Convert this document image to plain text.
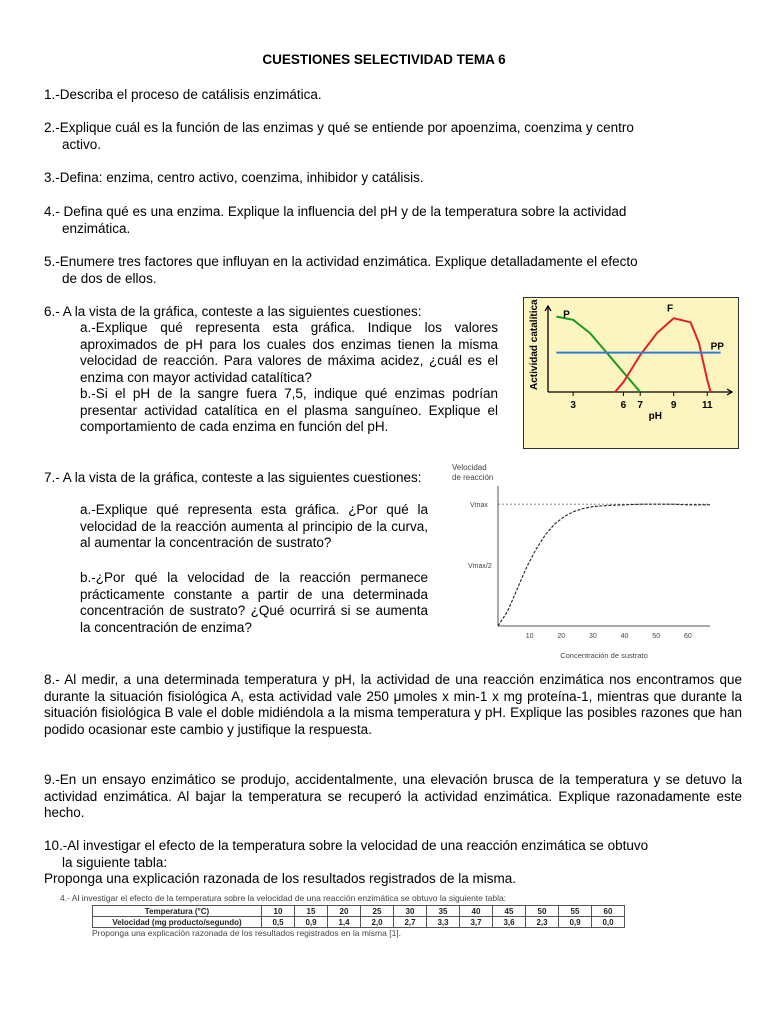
CUESTIONES SELECTIVIDAD TEMA 6
1.-Describa el proceso de catálisis enzimática.
2.-Explique cuál es la función de las enzimas y qué se entiende por apoenzima, coenzima y centro
activo.
3.-Defina: enzima, centro activo, coenzima, inhibidor y catálisis.
4.- Defina qué es una enzima. Explique la influencia del pH y de la temperatura sobre la actividad
enzimática.
5.-Enumere tres factores que influyan en la actividad enzimática. Explique detalladamente el efecto
de dos de ellos.
6.- A la vista de la gráfica, conteste a las siguientes cuestiones:
a.-Explique qué representa esta gráfica. Indique los valores aproximados de pH para los cuales dos enzimas tienen la misma velocidad de reacción. Para valores de máxima acidez, ¿cuál es el enzima con mayor actividad catalítica?
b.-Si el pH de la sangre fuera 7,5, indique qué enzimas podrían presentar actividad catalítica en el plasma sanguíneo. Explique el comportamiento de cada enzima en función del pH.
3	6 7	9	11
pH
Actividad catalítica P
F
PP
7.- A la vista de la gráfica, conteste a las siguientes cuestiones:
a.-Explique qué representa esta gráfica. ¿Por qué la velocidad de la reacción aumenta al principio de la curva, al aumentar la concentración de sustrato?
b.-¿Por qué la velocidad de la reacción permanece prácticamente constante a partir de una determinada concentración de sustrato? ¿Qué ocurrirá si se aumenta la concentración de enzima?
Velocidad
de reacción
Vmax
Vmax/2
10	20	30	40	50	60
Concentración de sustrato
8.- Al medir, a una determinada temperatura y pH, la actividad de una reacción enzimática nos encontramos que durante la situación fisiológica A, esta actividad vale 250 μmoles x min-1 x mg proteína-1, mientras que durante la situación fisiológica B vale el doble midiéndola a la misma temperatura y pH. Explique las posibles razones que han podido ocasionar este cambio y justifique la respuesta.
9.-En un ensayo enzimático se produjo, accidentalmente, una elevación brusca de la temperatura y se detuvo la actividad enzimática. Al bajar la temperatura se recuperó la actividad enzimática. Explique razonadamente este hecho.
10.-Al investigar el efecto de la temperatura sobre la velocidad de una reacción enzimática se obtuvo
la siguiente tabla:
Proponga una explicación razonada de los resultados registrados de la misma.
4.- Al investigar el efecto de la temperatura sobre la velocidad de una reacción enzimática se obtuvo la siguiente tabla:
Temperatura (°C)	10	15	20	25	30	35	40	45	50	55	60
Velocidad (mg producto/segundo)	0,5	0,9	1,4	2,0	2,7	3,3	3,7	3,6	2,3	0,9	0,0
Proponga una explicación razonada de los resultados registrados en la misma [1].
